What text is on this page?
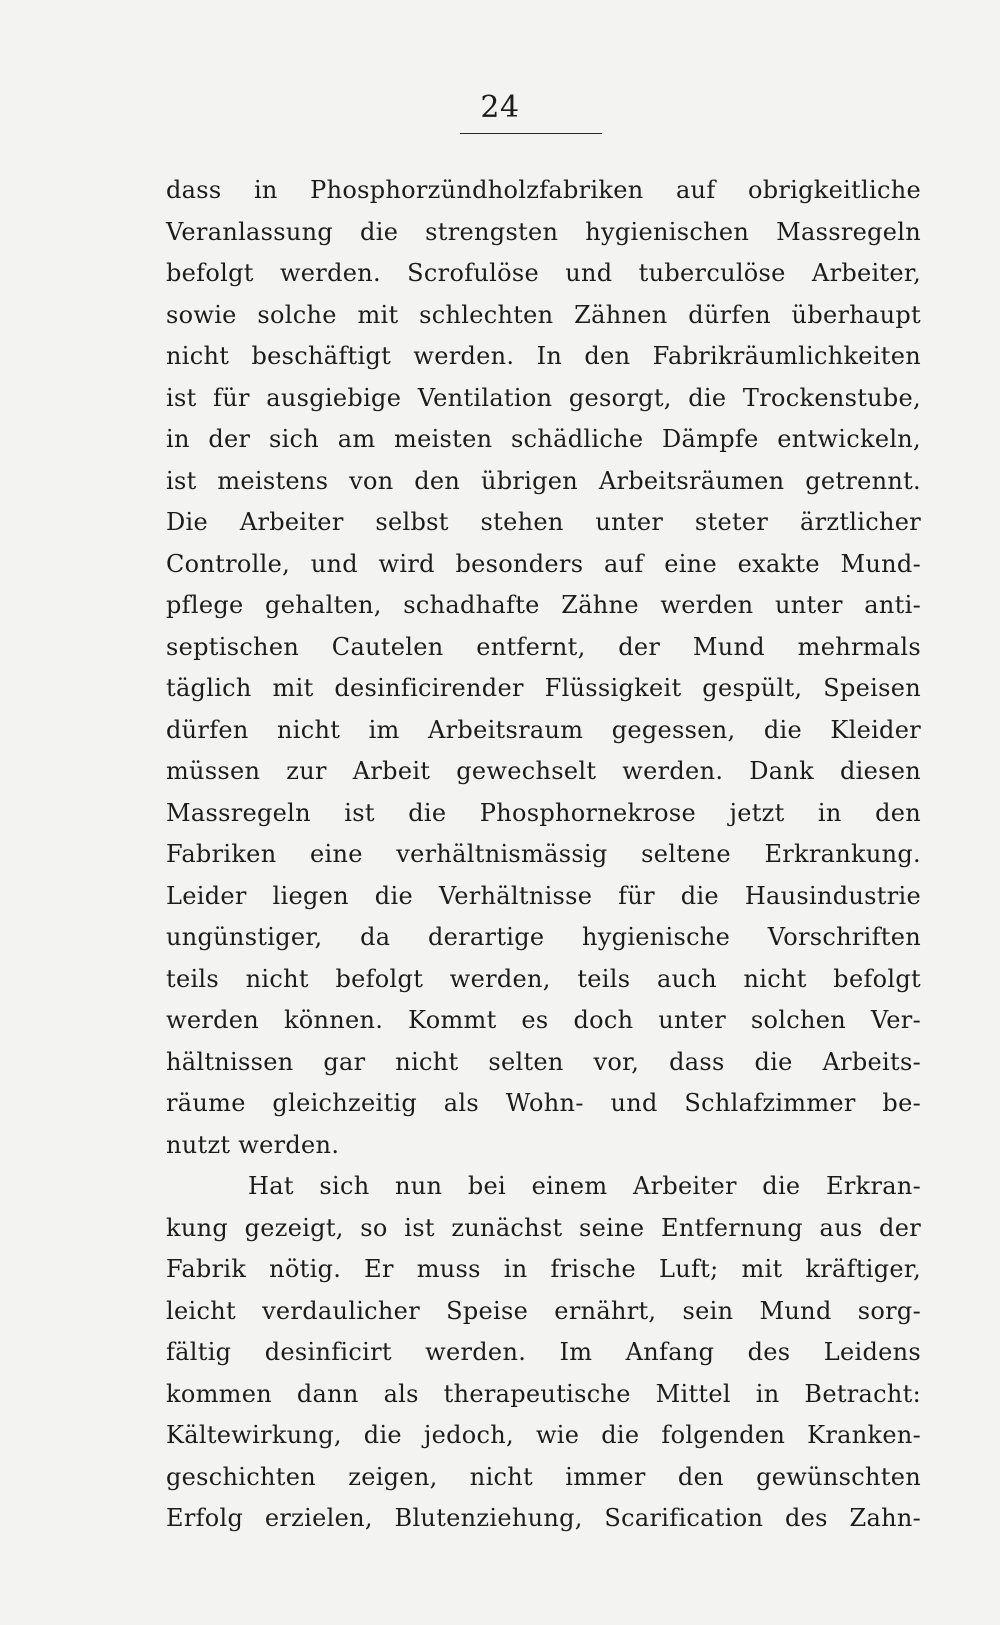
24
dass in Phosphorzündholzfabriken auf obrigkeitliche
Veranlassung die strengsten hygienischen Massregeln
befolgt werden. Scrofulöse und tuberculöse Arbeiter,
sowie solche mit schlechten Zähnen dürfen überhaupt
nicht beschäftigt werden. In den Fabrikräumlichkeiten
ist für ausgiebige Ventilation gesorgt, die Trockenstube,
in der sich am meisten schädliche Dämpfe entwickeln,
ist meistens von den übrigen Arbeitsräumen getrennt.
Die Arbeiter selbst stehen unter steter ärztlicher
Controlle, und wird besonders auf eine exakte Mund-
pflege gehalten, schadhafte Zähne werden unter anti-
septischen Cautelen entfernt, der Mund mehrmals
täglich mit desinficirender Flüssigkeit gespült, Speisen
dürfen nicht im Arbeitsraum gegessen, die Kleider
müssen zur Arbeit gewechselt werden. Dank diesen
Massregeln ist die Phosphornekrose jetzt in den
Fabriken eine verhältnismässig seltene Erkrankung.
Leider liegen die Verhältnisse für die Hausindustrie
ungünstiger, da derartige hygienische Vorschriften
teils nicht befolgt werden, teils auch nicht befolgt
werden können. Kommt es doch unter solchen Ver-
hältnissen gar nicht selten vor, dass die Arbeits-
räume gleichzeitig als Wohn- und Schlafzimmer be-
nutzt werden.
Hat sich nun bei einem Arbeiter die Erkran-
kung gezeigt, so ist zunächst seine Entfernung aus der
Fabrik nötig. Er muss in frische Luft; mit kräftiger,
leicht verdaulicher Speise ernährt, sein Mund sorg-
fältig desinficirt werden. Im Anfang des Leidens
kommen dann als therapeutische Mittel in Betracht:
Kältewirkung, die jedoch, wie die folgenden Kranken-
geschichten zeigen, nicht immer den gewünschten
Erfolg erzielen, Blutenziehung, Scarification des Zahn-
